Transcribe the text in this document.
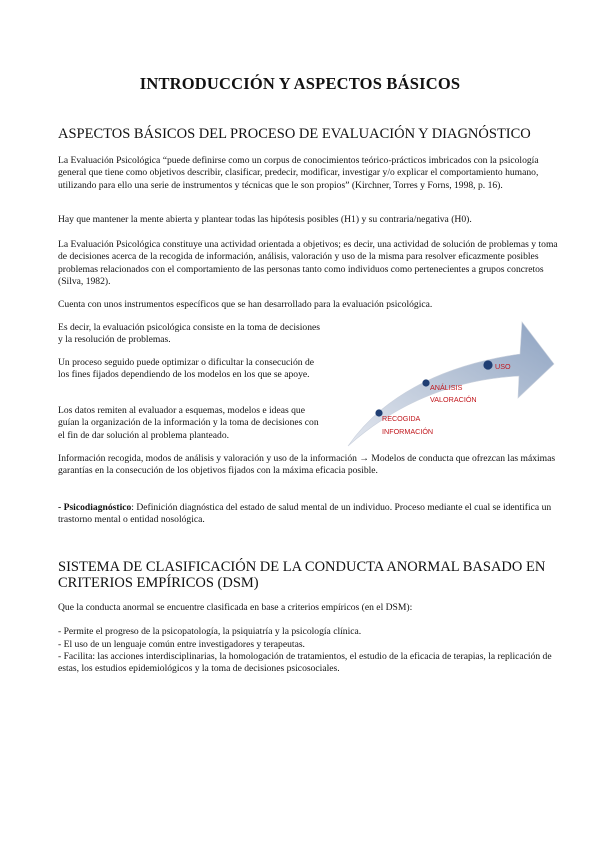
INTRODUCCIÓN Y ASPECTOS BÁSICOS
ASPECTOS BÁSICOS DEL PROCESO DE EVALUACIÓN Y DIAGNÓSTICO

La Evaluación Psicológica “puede definirse como un corpus de conocimientos teórico-prácticos imbricados con la psicología general que tiene como objetivos describir, clasificar, predecir, modificar, investigar y/o explicar el comportamiento humano, utilizando para ello una serie de instrumentos y técnicas que le son propios” (Kirchner, Torres y Forns, 1998, p. 16).

Hay que mantener la mente abierta y plantear todas las hipótesis posibles (H1) y su contraria/negativa (H0).

La Evaluación Psicológica constituye una actividad orientada a objetivos; es decir, una actividad de solución de problemas y toma de decisiones acerca de la recogida de información, análisis, valoración y uso de la misma para resolver eficazmente posibles problemas relacionados con el comportamiento de las personas tanto como individuos como pertenecientes a grupos concretos (Silva, 1982).

Cuenta con unos instrumentos específicos que se han desarrollado para la evaluación psicológica.

Es decir, la evaluación psicológica consiste en la toma de decisiones y la resolución de problemas.

Un proceso seguido puede optimizar o dificultar la consecución de los fines fijados dependiendo de los modelos en los que se apoye.

Los datos remiten al evaluador a esquemas, modelos e ideas que guían la organización de la información y la toma de decisiones con el fin de dar solución al problema planteado.

RECOGIDA
INFORMACIÓN
ANÁLISIS
VALORACIÓN
USO

Información recogida, modos de análisis y valoración y uso de la información → Modelos de conducta que ofrezcan las máximas garantías en la consecución de los objetivos fijados con la máxima eficacia posible.

- Psicodiagnóstico: Definición diagnóstica del estado de salud mental de un individuo. Proceso mediante el cual se identifica un trastorno mental o entidad nosológica.

SISTEMA DE CLASIFICACIÓN DE LA CONDUCTA ANORMAL BASADO EN
CRITERIOS EMPÍRICOS (DSM)

Que la conducta anormal se encuentre clasificada en base a criterios empíricos (en el DSM):

- Permite el progreso de la psicopatología, la psiquiatría y la psicología clínica.

- El uso de un lenguaje común entre investigadores y terapeutas.

- Facilita: las acciones interdisciplinarias, la homologación de tratamientos, el estudio de la eficacia de terapias, la replicación de estas, los estudios epidemiológicos y la toma de decisiones psicosociales.
